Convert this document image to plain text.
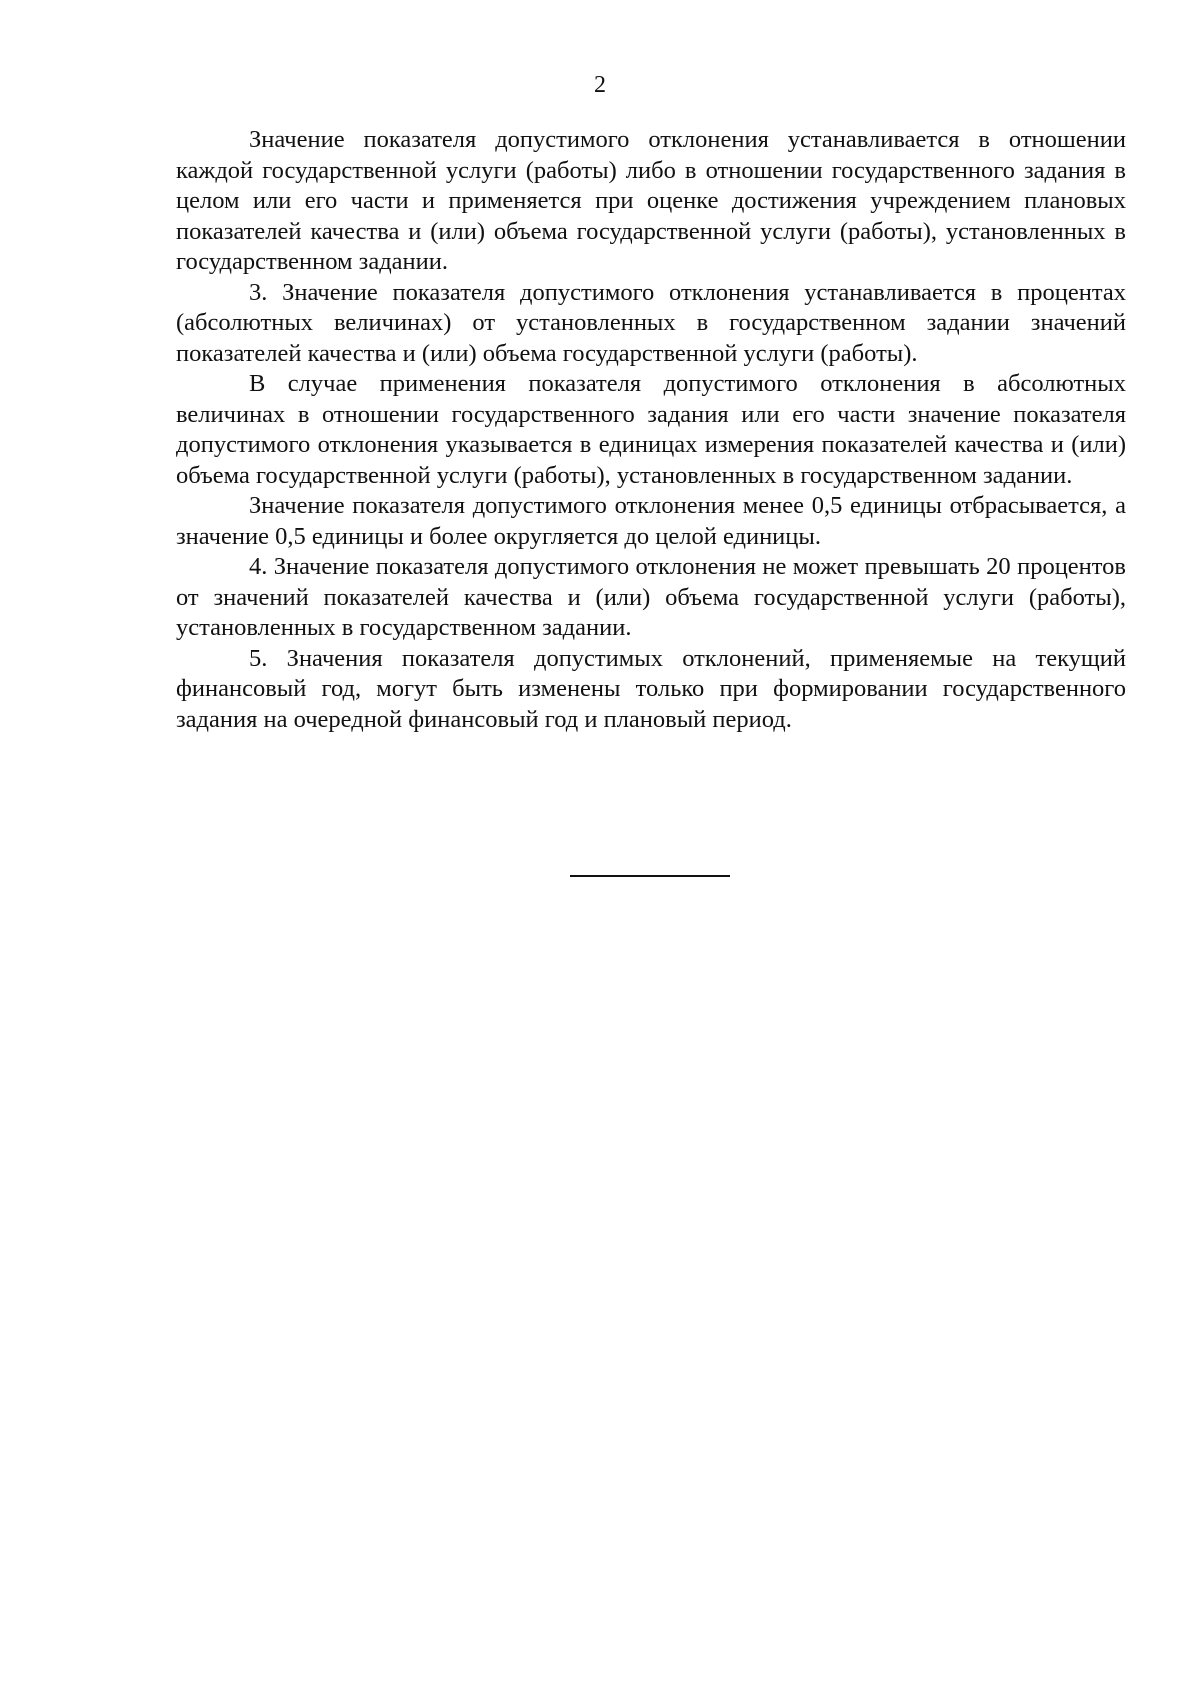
2

Значение показателя допустимого отклонения устанавливается в отношении каждой государственной услуги (работы) либо в отношении государственного задания в целом или его части и применяется при оценке достижения учреждением плановых показателей качества и (или) объема государственной услуги (работы), установленных в государственном задании.

3. Значение показателя допустимого отклонения устанавливается в процентах (абсолютных величинах) от установленных в государственном задании значений показателей качества и (или) объема государственной услуги (работы).

В случае применения показателя допустимого отклонения в абсолютных величинах в отношении государственного задания или его части значение показателя допустимого отклонения указывается в единицах измерения показателей качества и (или) объема государственной услуги (работы), установленных в государственном задании.

Значение показателя допустимого отклонения менее 0,5 единицы отбрасывается, а значение 0,5 единицы и более округляется до целой единицы.

4. Значение показателя допустимого отклонения не может превышать 20 процентов от значений показателей качества и (или) объема государственной услуги (работы), установленных в государственном задании.

5. Значения показателя допустимых отклонений, применяемые на текущий финансовый год, могут быть изменены только при формировании государственного задания на очередной финансовый год и плановый период.
